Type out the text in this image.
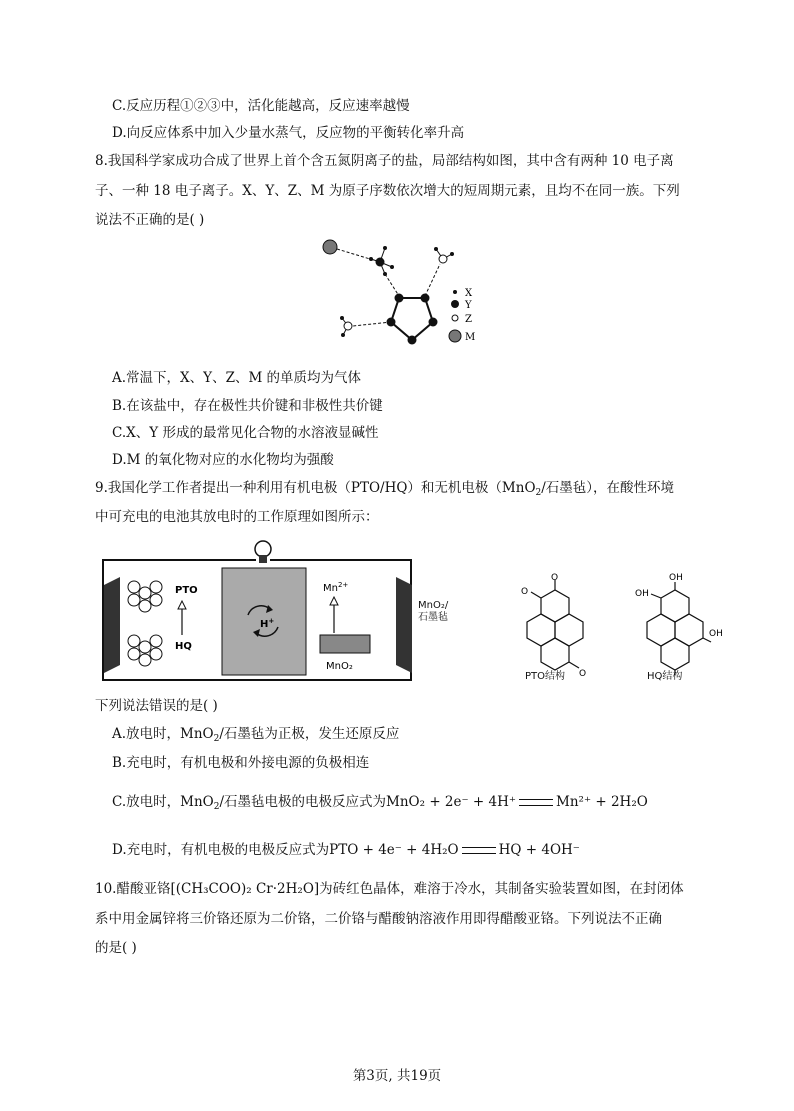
C.反应历程①②③中，活化能越高，反应速率越慢
D.向反应体系中加入少量水蒸气，反应物的平衡转化率升高
8.我国科学家成功合成了世界上首个含五氮阴离子的盐，局部结构如图，其中含有两种 10 电子离
子、一种 18 电子离子。X、Y、Z、M 为原子序数依次增大的短周期元素，且均不在同一族。下列
说法不正确的是( )
X
Y
Z
M
A.常温下，X、Y、Z、M 的单质均为气体
B.在该盐中，存在极性共价键和非极性共价键
C.X、Y 形成的最常见化合物的水溶液显碱性
D.M 的氧化物对应的水化物均为强酸
9.我国化学工作者提出一种利用有机电极（PTO/HQ）和无机电极（MnO$_2$/石墨毡），在酸性环境
中可充电的电池其放电时的工作原理如图所示：
PTO
HQ
H+
$Mn^{2+}$
MnO₂
MnO₂/
石墨毡
O
O
O
PTO结构
OH
OH
OH
HQ结构
下列说法错误的是( )
A.放电时，MnO$_2$/石墨毡为正极，发生还原反应
B.充电时，有机电极和外接电源的负极相连
C.放电时，MnO$_2$/石墨毡电极的电极反应式为MnO₂ + 2e⁻ + 4H⁺	Mn²⁺ + 2H₂O
D.充电时，有机电极的电极反应式为PTO + 4e⁻ + 4H₂O	HQ + 4OH⁻
10.醋酸亚铬[(CH₃COO)₂ Cr·2H₂O]为砖红色晶体，难溶于冷水，其制备实验装置如图，在封闭体
系中用金属锌将三价铬还原为二价铬，二价铬与醋酸钠溶液作用即得醋酸亚铬。下列说法不正确
的是( )
第3页, 共19页
